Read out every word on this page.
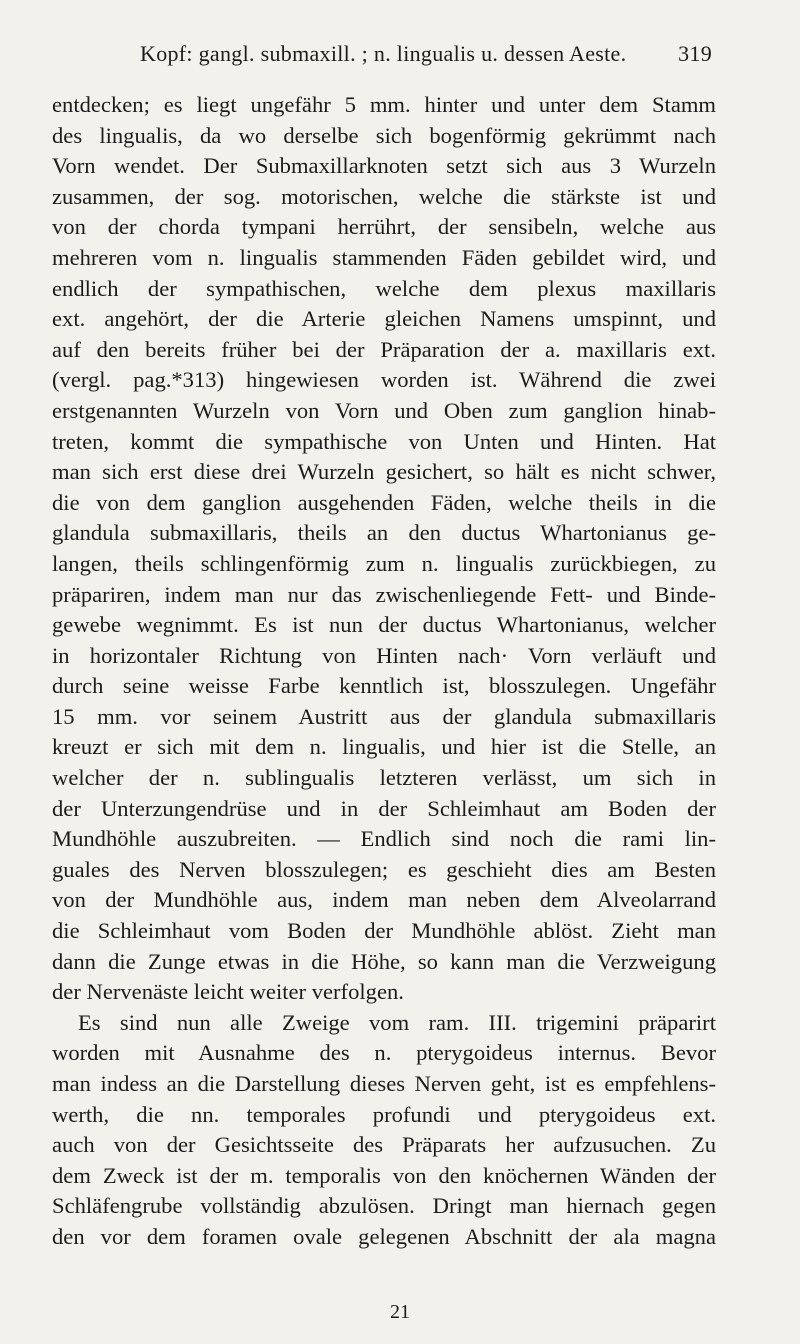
Kopf: gangl. submaxill. ; n. lingualis u. dessen Aeste. 319
entdecken; es liegt ungefähr 5 mm. hinter und unter dem Stamm
des lingualis, da wo derselbe sich bogenförmig gekrümmt nach
Vorn wendet. Der Submaxillarknoten setzt sich aus 3 Wurzeln
zusammen, der sog. motorischen, welche die stärkste ist und
von der chorda tympani herrührt, der sensibeln, welche aus
mehreren vom n. lingualis stammenden Fäden gebildet wird, und
endlich der sympathischen, welche dem plexus maxillaris
ext. angehört, der die Arterie gleichen Namens umspinnt, und
auf den bereits früher bei der Präparation der a. maxillaris ext.
(vergl. pag.*313) hingewiesen worden ist. Während die zwei
erstgenannten Wurzeln von Vorn und Oben zum ganglion hinab-
treten, kommt die sympathische von Unten und Hinten. Hat
man sich erst diese drei Wurzeln gesichert, so hält es nicht schwer,
die von dem ganglion ausgehenden Fäden, welche theils in die
glandula submaxillaris, theils an den ductus Whartonianus ge-
langen, theils schlingenförmig zum n. lingualis zurückbiegen, zu
präpariren, indem man nur das zwischenliegende Fett- und Binde-
gewebe wegnimmt. Es ist nun der ductus Whartonianus, welcher
in horizontaler Richtung von Hinten nach· Vorn verläuft und
durch seine weisse Farbe kenntlich ist, blosszulegen. Ungefähr
15 mm. vor seinem Austritt aus der glandula submaxillaris
kreuzt er sich mit dem n. lingualis, und hier ist die Stelle, an
welcher der n. sublingualis letzteren verlässt, um sich in
der Unterzungendrüse und in der Schleimhaut am Boden der
Mundhöhle auszubreiten. — Endlich sind noch die rami lin-
guales des Nerven blosszulegen; es geschieht dies am Besten
von der Mundhöhle aus, indem man neben dem Alveolarrand
die Schleimhaut vom Boden der Mundhöhle ablöst. Zieht man
dann die Zunge etwas in die Höhe, so kann man die Verzweigung
der Nervenäste leicht weiter verfolgen.
Es sind nun alle Zweige vom ram. III. trigemini präparirt
worden mit Ausnahme des n. pterygoideus internus. Bevor
man indess an die Darstellung dieses Nerven geht, ist es empfehlens-
werth, die nn. temporales profundi und pterygoideus ext.
auch von der Gesichtsseite des Präparats her aufzusuchen. Zu
dem Zweck ist der m. temporalis von den knöchernen Wänden der
Schläfengrube vollständig abzulösen. Dringt man hiernach gegen
den vor dem foramen ovale gelegenen Abschnitt der ala magna
21
